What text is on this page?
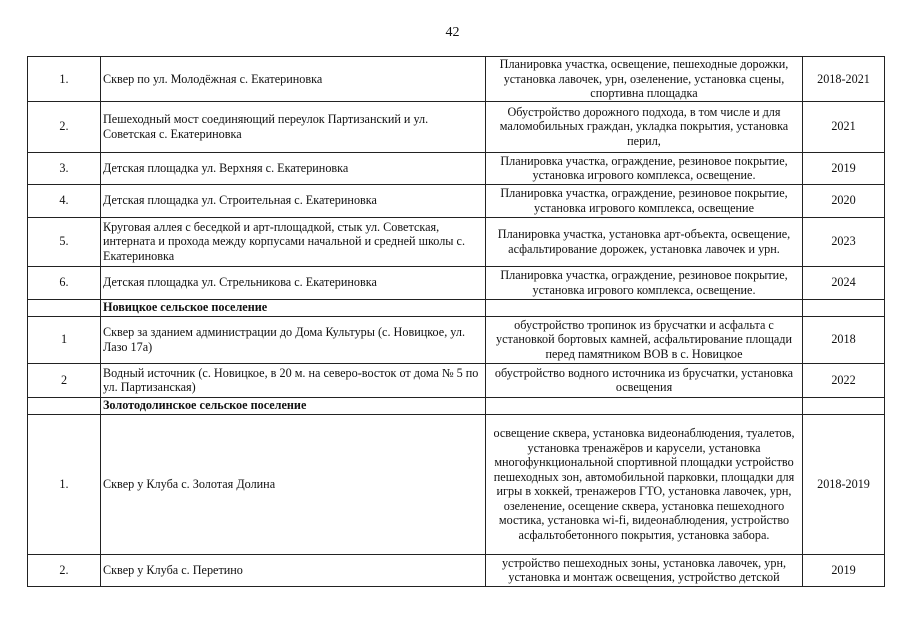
42
1.	Сквер по ул. Молодёжная с. Екатериновка	Планировка участка, освещение, пешеходные дорожки, установка лавочек, урн, озеленение, установка сцены, спортивна площадка	2018-2021
2.	Пешеходный мост соединяющий переулок Партизанский и ул. Советская с. Екатериновка	Обустройство дорожного подхода, в том числе и для маломобильных граждан, укладка покрытия, установка перил,	2021
3.	Детская площадка ул. Верхняя с. Екатериновка	Планировка участка, ограждение, резиновое покрытие, установка игрового комплекса, освещение.	2019
4.	Детская площадка ул. Строительная с. Екатериновка	Планировка участка, ограждение, резиновое покрытие, установка игрового комплекса, освещение	2020
5.	Круговая аллея с беседкой и арт-площадкой, стык ул. Советская, интерната и прохода между корпусами начальной и средней школы с. Екатериновка	Планировка участка, установка арт-объекта, освещение, асфальтирование дорожек, установка лавочек и урн.	2023
6.	Детская площадка ул. Стрельникова с. Екатериновка	Планировка участка, ограждение, резиновое покрытие, установка игрового комплекса, освещение.	2024
	Новицкое сельское поселение		
1	Сквер за зданием администрации до Дома Культуры (с. Новицкое, ул. Лазо 17а)	обустройство тропинок из брусчатки и асфальта с установкой бортовых камней, асфальтирование площади перед памятником ВОВ в с. Новицкое	2018
2	Водный источник (с. Новицкое, в 20 м. на северо-восток от дома № 5 по ул. Партизанская)	обустройство водного источника из брусчатки, установка освещения	2022
	Золотодолинское сельское поселение		
1.	Сквер у Клуба с. Золотая Долина	освещение сквера, установка видеонаблюдения, туалетов, установка тренажёров и карусели, установка многофункциональной спортивной площадки устройство пешеходных зон, автомобильной парковки, площадки для игры в хоккей, тренажеров ГТО, установка лавочек, урн, озеленение, осещение сквера, установка пешеходного мостика, установка wi-fi, видеонаблюдения, устройство асфальтобетонного покрытия, установка забора.	2018-2019
2.	Сквер у Клуба с. Перетино	устройство пешеходных зоны, установка лавочек, урн, установка и монтаж освещения, устройство детской	2019
